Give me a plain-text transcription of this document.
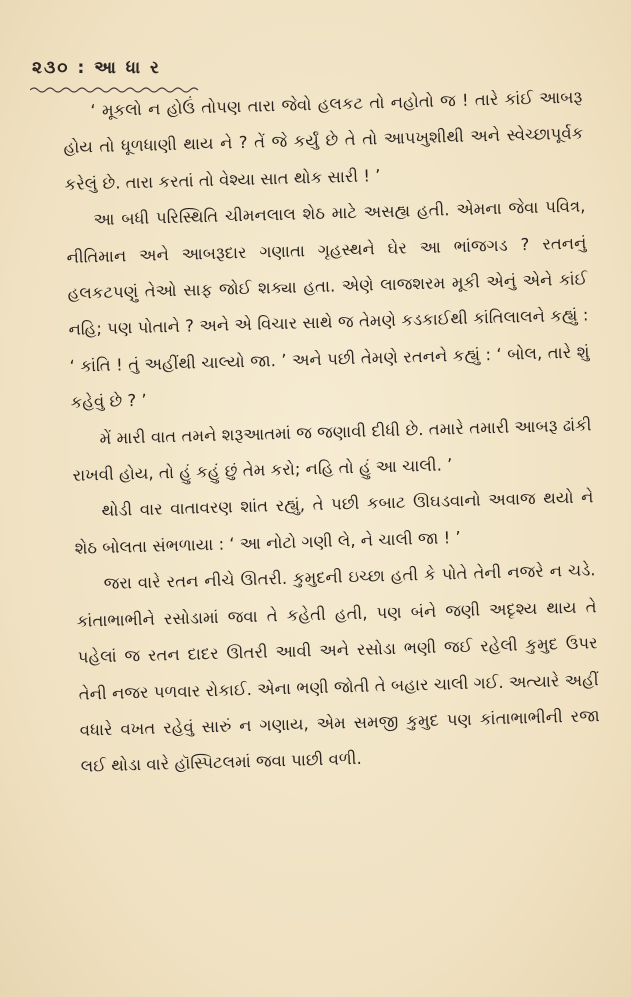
૨૩૦ : આ ધા ર

‘ મૂકલો ન હોઉં તોપણ તારા જેવો હલકટ તો નહોતો જ ! તારે કાંઈ આબરૂ હોય તો ધૂળધાણી થાય ને ? તેં જે કર્યું છે તે તો આપખુશીથી અને સ્વેચ્છાપૂર્વક કરેલું છે. તારા કરતાં તો વેશ્યા સાત થોક સારી ! ’

આ બધી પરિસ્થિતિ ચીમનલાલ શેઠ માટે અસહ્ય હતી. એમના જેવા પવિત્ર, નીતિમાન અને આબરૂદાર ગણાતા ગૃહસ્થને ઘેર આ ભાંજગડ ? રતનનું હલકટપણું તેઓ સાફ જોઈ શક્યા હતા. એણે લાજશરમ મૂકી એનું એને કાંઈ નહિ; પણ પોતાને ? અને એ વિચાર સાથે જ તેમણે કડકાઈથી કાંતિલાલને કહ્યું : ‘ કાંતિ ! તું અહીંથી ચાલ્યો જા. ’ અને પછી તેમણે રતનને કહ્યું : ‘ બોલ, તારે શું કહેવું છે ? ’

મેં મારી વાત તમને શરૂઆતમાં જ જણાવી દીધી છે. તમારે તમારી આબરૂ ઢાંકી રાખવી હોય, તો હું કહું છું તેમ કરો; નહિ તો હું આ ચાલી. ’

થોડી વાર વાતાવરણ શાંત રહ્યું, તે પછી કબાટ ઊઘડવાનો અવાજ થયો ને શેઠ બોલતા સંભળાયા : ‘ આ નોટો ગણી લે, ને ચાલી જા ! ’

જરા વારે રતન નીચે ઊતરી. કુમુદની ઇચ્છા હતી કે પોતે તેની નજરે ન ચડે. કાંતાભાભીને રસોડામાં જવા તે કહેતી હતી, પણ બંને જણી અદૃશ્ય થાય તે પહેલાં જ રતન દાદર ઊતરી આવી અને રસોડા ભણી જઈ રહેલી કુમુદ ઉપર તેની નજર પળવાર રોકાઈ. એના ભણી જોતી તે બહાર ચાલી ગઈ. અત્યારે અહીં વધારે વખત રહેવું સારું ન ગણાય, એમ સમજી કુમુદ પણ કાંતાભાભીની રજા લઈ થોડા વારે હૉસ્પિટલમાં જવા પાછી વળી.
